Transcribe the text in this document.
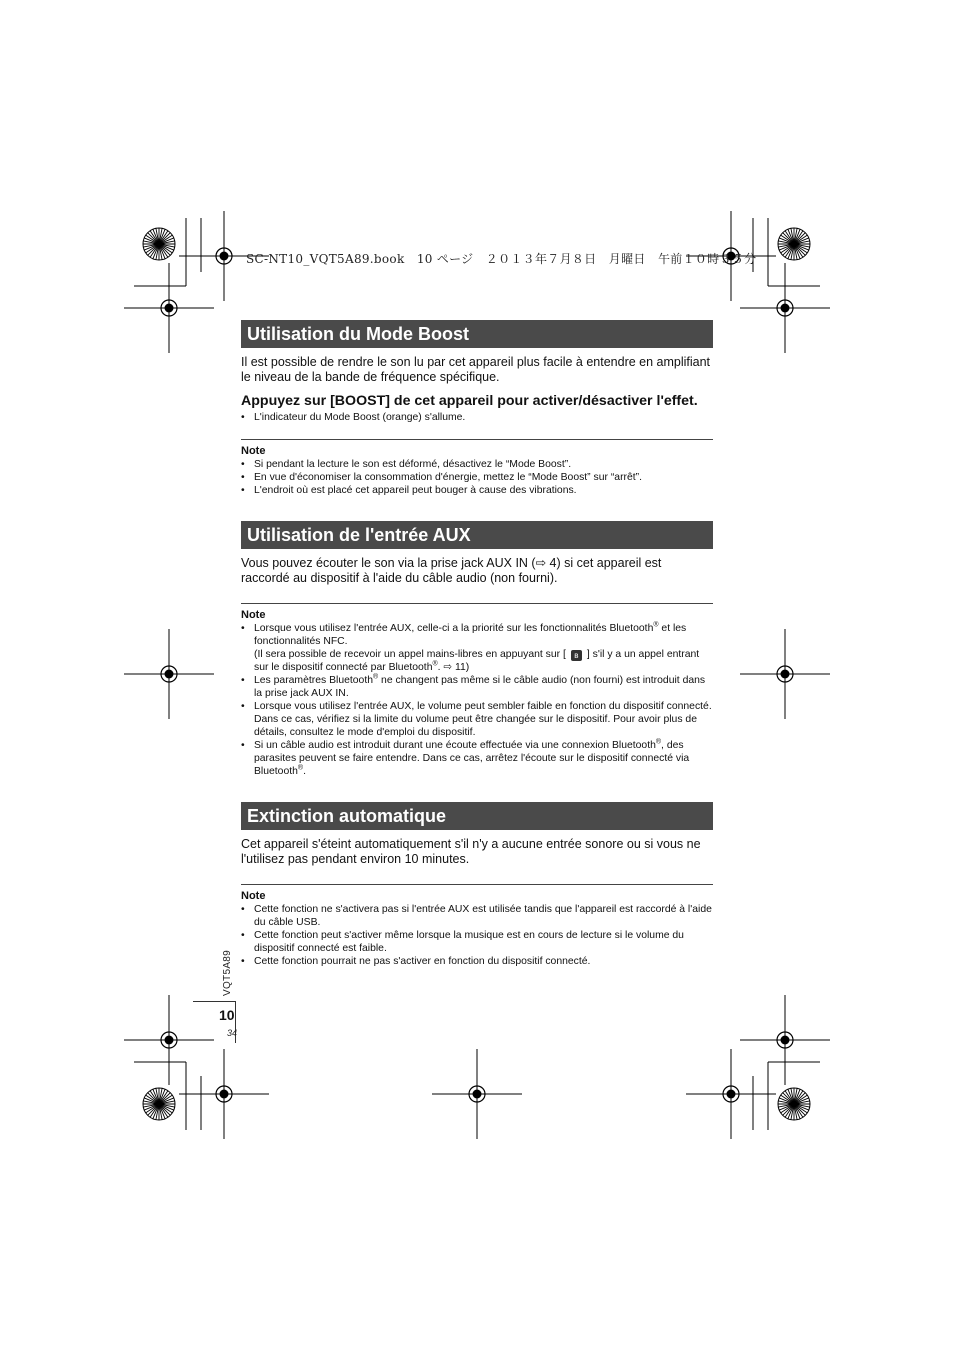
SC-NT10_VQT5A89.book　10 ページ　２０１３年７月８日　月曜日　午前１０時３５分
Utilisation du Mode Boost

Il est possible de rendre le son lu par cet appareil plus facile à entendre en amplifiant le niveau de la bande de fréquence spécifique.

Appuyez sur [BOOST] de cet appareil pour activer/désactiver l'effet.

• L'indicateur du Mode Boost (orange) s'allume.

Note

• Si pendant la lecture le son est déformé, désactivez le “Mode Boost”.
• En vue d'économiser la consommation d'énergie, mettez le “Mode Boost” sur “arrêt”.
• L'endroit où est placé cet appareil peut bouger à cause des vibrations.
Utilisation de l'entrée AUX

Vous pouvez écouter le son via la prise jack AUX IN (⇨ 4) si cet appareil est raccordé au dispositif à l'aide du câble audio (non fourni).

Note

• Lorsque vous utilisez l'entrée AUX, celle-ci a la priorité sur les fonctionnalités Bluetooth® et les fonctionnalités NFC.
(Il sera possible de recevoir un appel mains-libres en appuyant sur [ ʙ ] s'il y a un appel entrant sur le dispositif connecté par Bluetooth®. ⇨ 11)
• Les paramètres Bluetooth® ne changent pas même si le câble audio (non fourni) est introduit dans la prise jack AUX IN.
• Lorsque vous utilisez l'entrée AUX, le volume peut sembler faible en fonction du dispositif connecté. Dans ce cas, vérifiez si la limite du volume peut être changée sur le dispositif. Pour avoir plus de détails, consultez le mode d'emploi du dispositif.
• Si un câble audio est introduit durant une écoute effectuée via une connexion Bluetooth®, des parasites peuvent se faire entendre. Dans ce cas, arrêtez l'écoute sur le dispositif connecté via Bluetooth®.
Extinction automatique

Cet appareil s'éteint automatiquement s'il n'y a aucune entrée sonore ou si vous ne l'utilisez pas pendant environ 10 minutes.

Note

• Cette fonction ne s'activera pas si l'entrée AUX est utilisée tandis que l'appareil est raccordé à l'aide du câble USB.
• Cette fonction peut s'activer même lorsque la musique est en cours de lecture si le volume du dispositif connecté est faible.
• Cette fonction pourrait ne pas s'activer en fonction du dispositif connecté.
VQT5A89
10
34
